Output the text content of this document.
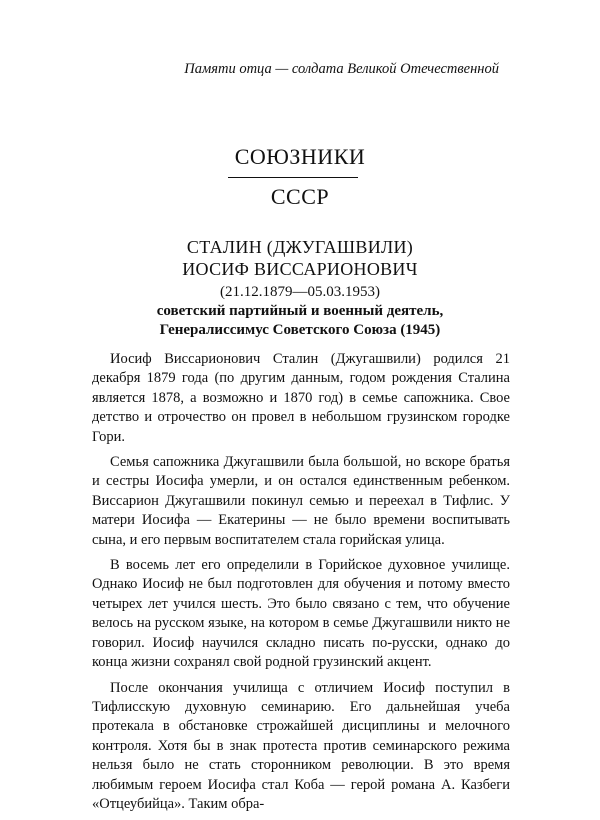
Памяти отца — солдата Великой Отечественной
СОЮЗНИКИ
СССР
СТАЛИН (ДЖУГАШВИЛИ)
ИОСИФ ВИССАРИОНОВИЧ
(21.12.1879—05.03.1953)
советский партийный и военный деятель,
Генералиссимус Советского Союза (1945)

Иосиф Виссарионович Сталин (Джугашвили) родился 21 декабря 1879 года (по другим данным, годом рождения Сталина является 1878, а возможно и 1870 год) в семье сапожника. Свое детство и отрочество он провел в небольшом грузинском городке Гори.

Семья сапожника Джугашвили была большой, но вскоре братья и сестры Иосифа умерли, и он остался единственным ребенком. Виссарион Джугашвили покинул семью и переехал в Тифлис. У матери Иосифа — Екатерины — не было времени воспитывать сына, и его первым воспитателем стала горийская улица.

В восемь лет его определили в Горийское духовное училище. Однако Иосиф не был подготовлен для обучения и потому вместо четырех лет учился шесть. Это было связано с тем, что обучение велось на русском языке, на котором в семье Джугашвили никто не говорил. Иосиф научился складно писать по-русски, однако до конца жизни сохранял свой родной грузинский акцент.

После окончания училища с отличием Иосиф поступил в Тифлисскую духовную семинарию. Его дальнейшая учеба протекала в обстановке строжайшей дисциплины и мелочного контроля. Хотя бы в знак протеста против семинарского режима нельзя было не стать сторонником революции. В это время любимым героем Иосифа стал Коба — герой романа А. Казбеги «Отцеубийца». Таким обра-
